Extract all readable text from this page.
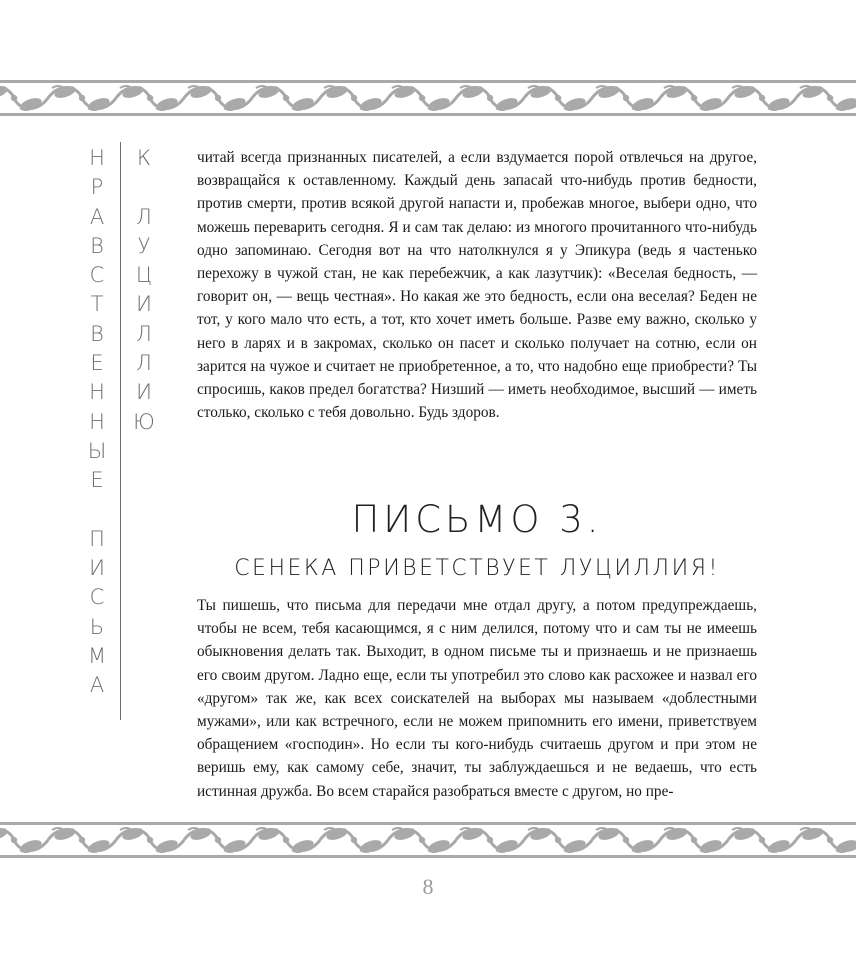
Н
Р
А
В
С
Т
В
Е
Н
Н
Ы
Е

П
И
С
Ь
М
А
К

Л
У
Ц
И
Л
Л
И
Ю

читай всегда признанных писателей, а если вздумается порой отвлечься на другое, возвращайся к оставленному. Каждый день запасай что-нибудь против бедности, против смерти, против всякой другой напасти и, пробежав многое, выбери одно, что можешь переварить сегодня. Я и сам так делаю: из многого прочитанного что-нибудь одно запоминаю. Сегодня вот на что натолкнулся я у Эпикура (ведь я частенько перехожу в чужой стан, не как перебежчик, а как лазутчик): «Веселая бедность, — говорит он, — вещь честная». Но какая же это бедность, если она веселая? Беден не тот, у кого мало что есть, а тот, кто хочет иметь больше. Разве ему важно, сколько у него в ларях и в закромах, сколько он пасет и сколько получает на сотню, если он зарится на чужое и считает не приобретенное, а то, что надобно еще приобрести? Ты спросишь, каков предел богатства? Низший — иметь необходимое, высший — иметь столько, сколько с тебя довольно. Будь здоров.

ПИСЬМО 3.
СЕНЕКА ПРИВЕТСТВУЕТ ЛУЦИЛЛИЯ!

Ты пишешь, что письма для передачи мне отдал другу, а потом предупреждаешь, чтобы не всем, тебя касающимся, я с ним делился, потому что и сам ты не имеешь обыкновения делать так. Выходит, в одном письме ты и признаешь и не признаешь его своим другом. Ладно еще, если ты употребил это слово как расхожее и назвал его «другом» так же, как всех соискателей на выборах мы называем «доблестными мужами», или как встречного, если не можем припомнить его имени, приветствуем обращением «господин». Но если ты кого-нибудь считаешь другом и при этом не веришь ему, как самому себе, значит, ты заблуждаешься и не ведаешь, что есть истинная дружба. Во всем старайся разобраться вместе с другом, но пре-

8
